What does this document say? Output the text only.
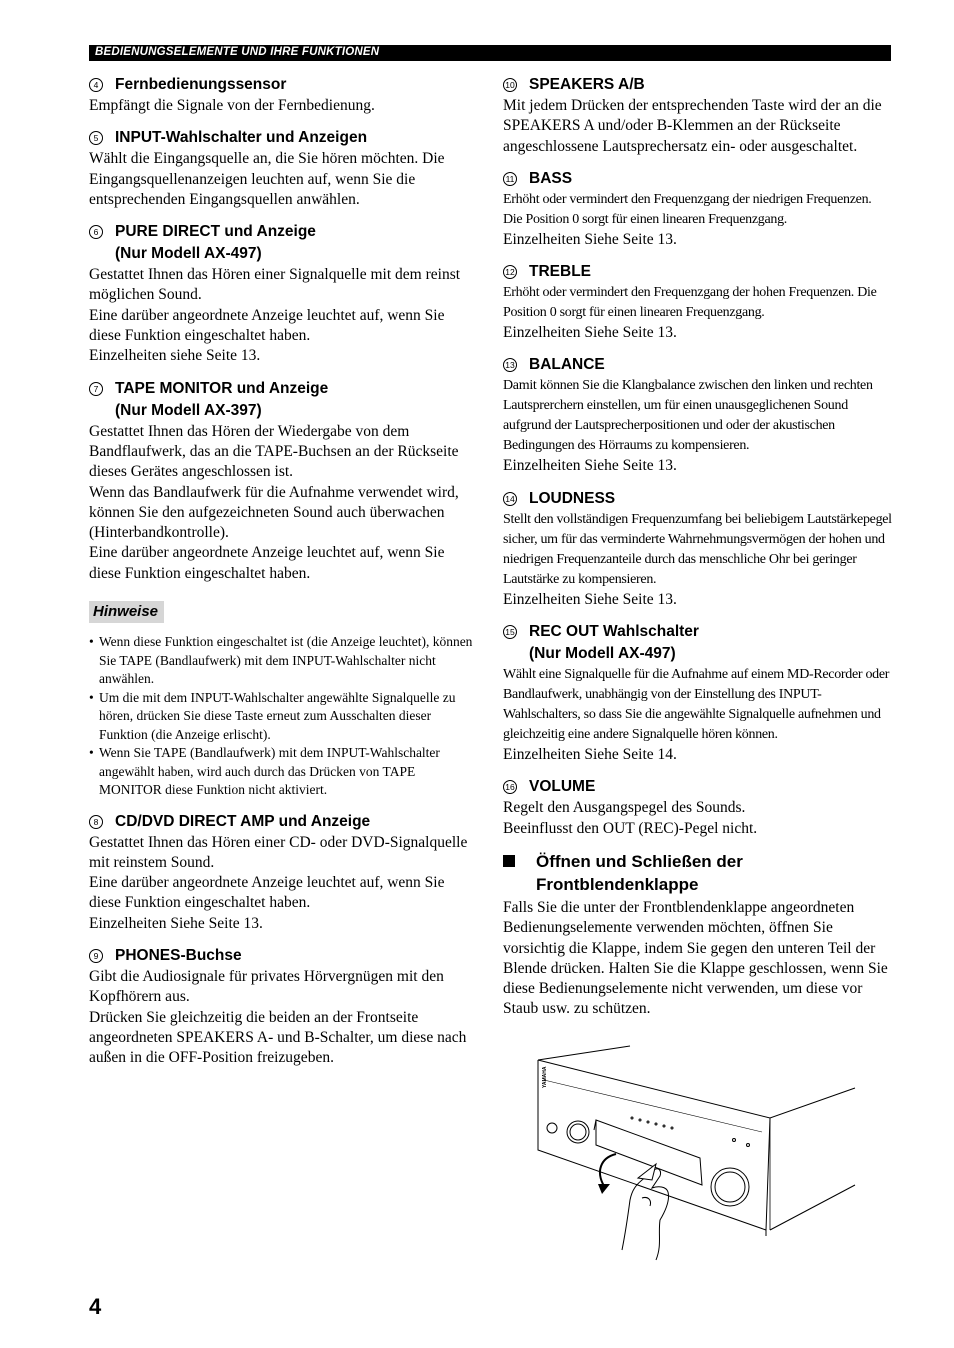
BEDIENUNGSELEMENTE UND IHRE FUNKTIONEN
4 Fernbedienungssensor
Empfängt die Signale von der Fernbedienung.
5 INPUT-Wahlschalter und Anzeigen
Wählt die Eingangsquelle an, die Sie hören möchten. Die Eingangsquellenanzeigen leuchten auf, wenn Sie die entsprechenden Eingangsquellen anwählen.
6 PURE DIRECT und Anzeige
(Nur Modell AX-497)
Gestattet Ihnen das Hören einer Signalquelle mit dem reinst möglichen Sound.
Eine darüber angeordnete Anzeige leuchtet auf, wenn Sie diese Funktion eingeschaltet haben.
Einzelheiten siehe Seite 13.
7 TAPE MONITOR und Anzeige
(Nur Modell AX-397)
Gestattet Ihnen das Hören der Wiedergabe von dem Bandflaufwerk, das an die TAPE-Buchsen an der Rückseite dieses Gerätes angeschlossen ist.
Wenn das Bandlaufwerk für die Aufnahme verwendet wird, können Sie den aufgezeichneten Sound auch überwachen (Hinterbandkontrolle).
Eine darüber angeordnete Anzeige leuchtet auf, wenn Sie diese Funktion eingeschaltet haben.
Hinweise
• Wenn diese Funktion eingeschaltet ist (die Anzeige leuchtet), können Sie TAPE (Bandlaufwerk) mit dem INPUT-Wahlschalter nicht anwählen.
• Um die mit dem INPUT-Wahlschalter angewählte Signalquelle zu hören, drücken Sie diese Taste erneut zum Ausschalten dieser Funktion (die Anzeige erlischt).
• Wenn Sie TAPE (Bandlaufwerk) mit dem INPUT-Wahlschalter angewählt haben, wird auch durch das Drücken von TAPE MONITOR diese Funktion nicht aktiviert.
8 CD/DVD DIRECT AMP und Anzeige
Gestattet Ihnen das Hören einer CD- oder DVD-Signalquelle mit reinstem Sound.
Eine darüber angeordnete Anzeige leuchtet auf, wenn Sie diese Funktion eingeschaltet haben.
Einzelheiten Siehe Seite 13.
9 PHONES-Buchse
Gibt die Audiosignale für privates Hörvergnügen mit den Kopfhörern aus.
Drücken Sie gleichzeitig die beiden an der Frontseite angeordneten SPEAKERS A- und B-Schalter, um diese nach außen in die OFF-Position freizugeben.
10 SPEAKERS A/B
Mit jedem Drücken der entsprechenden Taste wird der an die SPEAKERS A und/oder B-Klemmen an der Rückseite angeschlossene Lautsprechersatz ein- oder ausgeschaltet.
11 BASS
Erhöht oder vermindert den Frequenzgang der niedrigen Frequenzen. Die Position 0 sorgt für einen linearen Frequenzgang.
Einzelheiten Siehe Seite 13.
12 TREBLE
Erhöht oder vermindert den Frequenzgang der hohen Frequenzen. Die Position 0 sorgt für einen linearen Frequenzgang.
Einzelheiten Siehe Seite 13.
13 BALANCE
Damit können Sie die Klangbalance zwischen den linken und rechten Lautsprerchern einstellen, um für einen unausgeglichenen Sound aufgrund der Lautsprecherpositionen und oder der akustischen Bedingungen des Hörraums zu kompensieren.
Einzelheiten Siehe Seite 13.
14 LOUDNESS
Stellt den vollständigen Frequenzumfang bei beliebigem Lautstärkepegel sicher, um für das verminderte Wahrnehmungsvermögen der hohen und niedrigen Frequenzanteile durch das menschliche Ohr bei geringer Lautstärke zu kompensieren.
Einzelheiten Siehe Seite 13.
15 REC OUT Wahlschalter
(Nur Modell AX-497)
Wählt eine Signalquelle für die Aufnahme auf einem MD-Recorder oder Bandlaufwerk, unabhängig von der Einstellung des INPUT-Wahlschalters, so dass Sie die angewählte Signalquelle aufnehmen und gleichzeitig eine andere Signalquelle hören können.
Einzelheiten Siehe Seite 14.
16 VOLUME
Regelt den Ausgangspegel des Sounds.
Beeinflusst den OUT (REC)-Pegel nicht.
Öffnen und Schließen der
Frontblendenklappe
Falls Sie die unter der Frontblendenklappe angeordneten Bedienungselemente verwenden möchten, öffnen Sie vorsichtig die Klappe, indem Sie gegen den unteren Teil der Blende drücken. Halten Sie die Klappe geschlossen, wenn Sie diese Bedienungselemente nicht verwenden, um diese vor Staub usw. zu schützen.
YAMAHA
4
